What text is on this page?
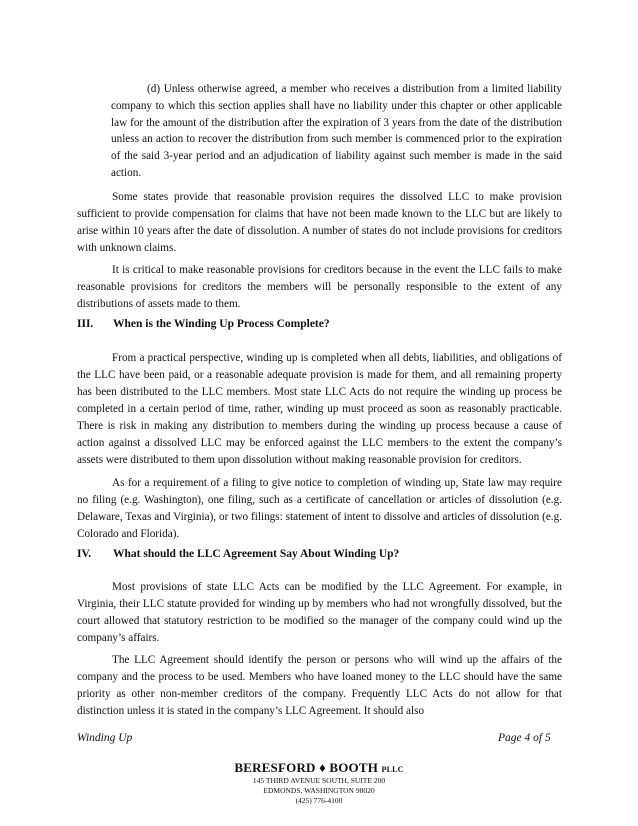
(d) Unless otherwise agreed, a member who receives a distribution from a limited liability company to which this section applies shall have no liability under this chapter or other applicable law for the amount of the distribution after the expiration of 3 years from the date of the distribution unless an action to recover the distribution from such member is commenced prior to the expiration of the said 3-year period and an adjudication of liability against such member is made in the said action.

Some states provide that reasonable provision requires the dissolved LLC to make provision sufficient to provide compensation for claims that have not been made known to the LLC but are likely to arise within 10 years after the date of dissolution. A number of states do not include provisions for creditors with unknown claims.

It is critical to make reasonable provisions for creditors because in the event the LLC fails to make reasonable provisions for creditors the members will be personally responsible to the extent of any distributions of assets made to them.

III. When is the Winding Up Process Complete?

From a practical perspective, winding up is completed when all debts, liabilities, and obligations of the LLC have been paid, or a reasonable adequate provision is made for them, and all remaining property has been distributed to the LLC members. Most state LLC Acts do not require the winding up process be completed in a certain period of time, rather, winding up must proceed as soon as reasonably practicable. There is risk in making any distribution to members during the winding up process because a cause of action against a dissolved LLC may be enforced against the LLC members to the extent the company’s assets were distributed to them upon dissolution without making reasonable provision for creditors.

As for a requirement of a filing to give notice to completion of winding up, State law may require no filing (e.g. Washington), one filing, such as a certificate of cancellation or articles of dissolution (e.g. Delaware, Texas and Virginia), or two filings: statement of intent to dissolve and articles of dissolution (e.g. Colorado and Florida).

IV. What should the LLC Agreement Say About Winding Up?

Most provisions of state LLC Acts can be modified by the LLC Agreement. For example, in Virginia, their LLC statute provided for winding up by members who had not wrongfully dissolved, but the court allowed that statutory restriction to be modified so the manager of the company could wind up the company’s affairs.

The LLC Agreement should identify the person or persons who will wind up the affairs of the company and the process to be used. Members who have loaned money to the LLC should have the same priority as other non-member creditors of the company. Frequently LLC Acts do not allow for that distinction unless it is stated in the company’s LLC Agreement. It should also

Winding Up	Page 4 of 5
BERESFORD ♦ BOOTH PLLC
145 THIRD AVENUE SOUTH, SUITE 200
EDMONDS, WASHINGTON 98020
(425) 776-4100
